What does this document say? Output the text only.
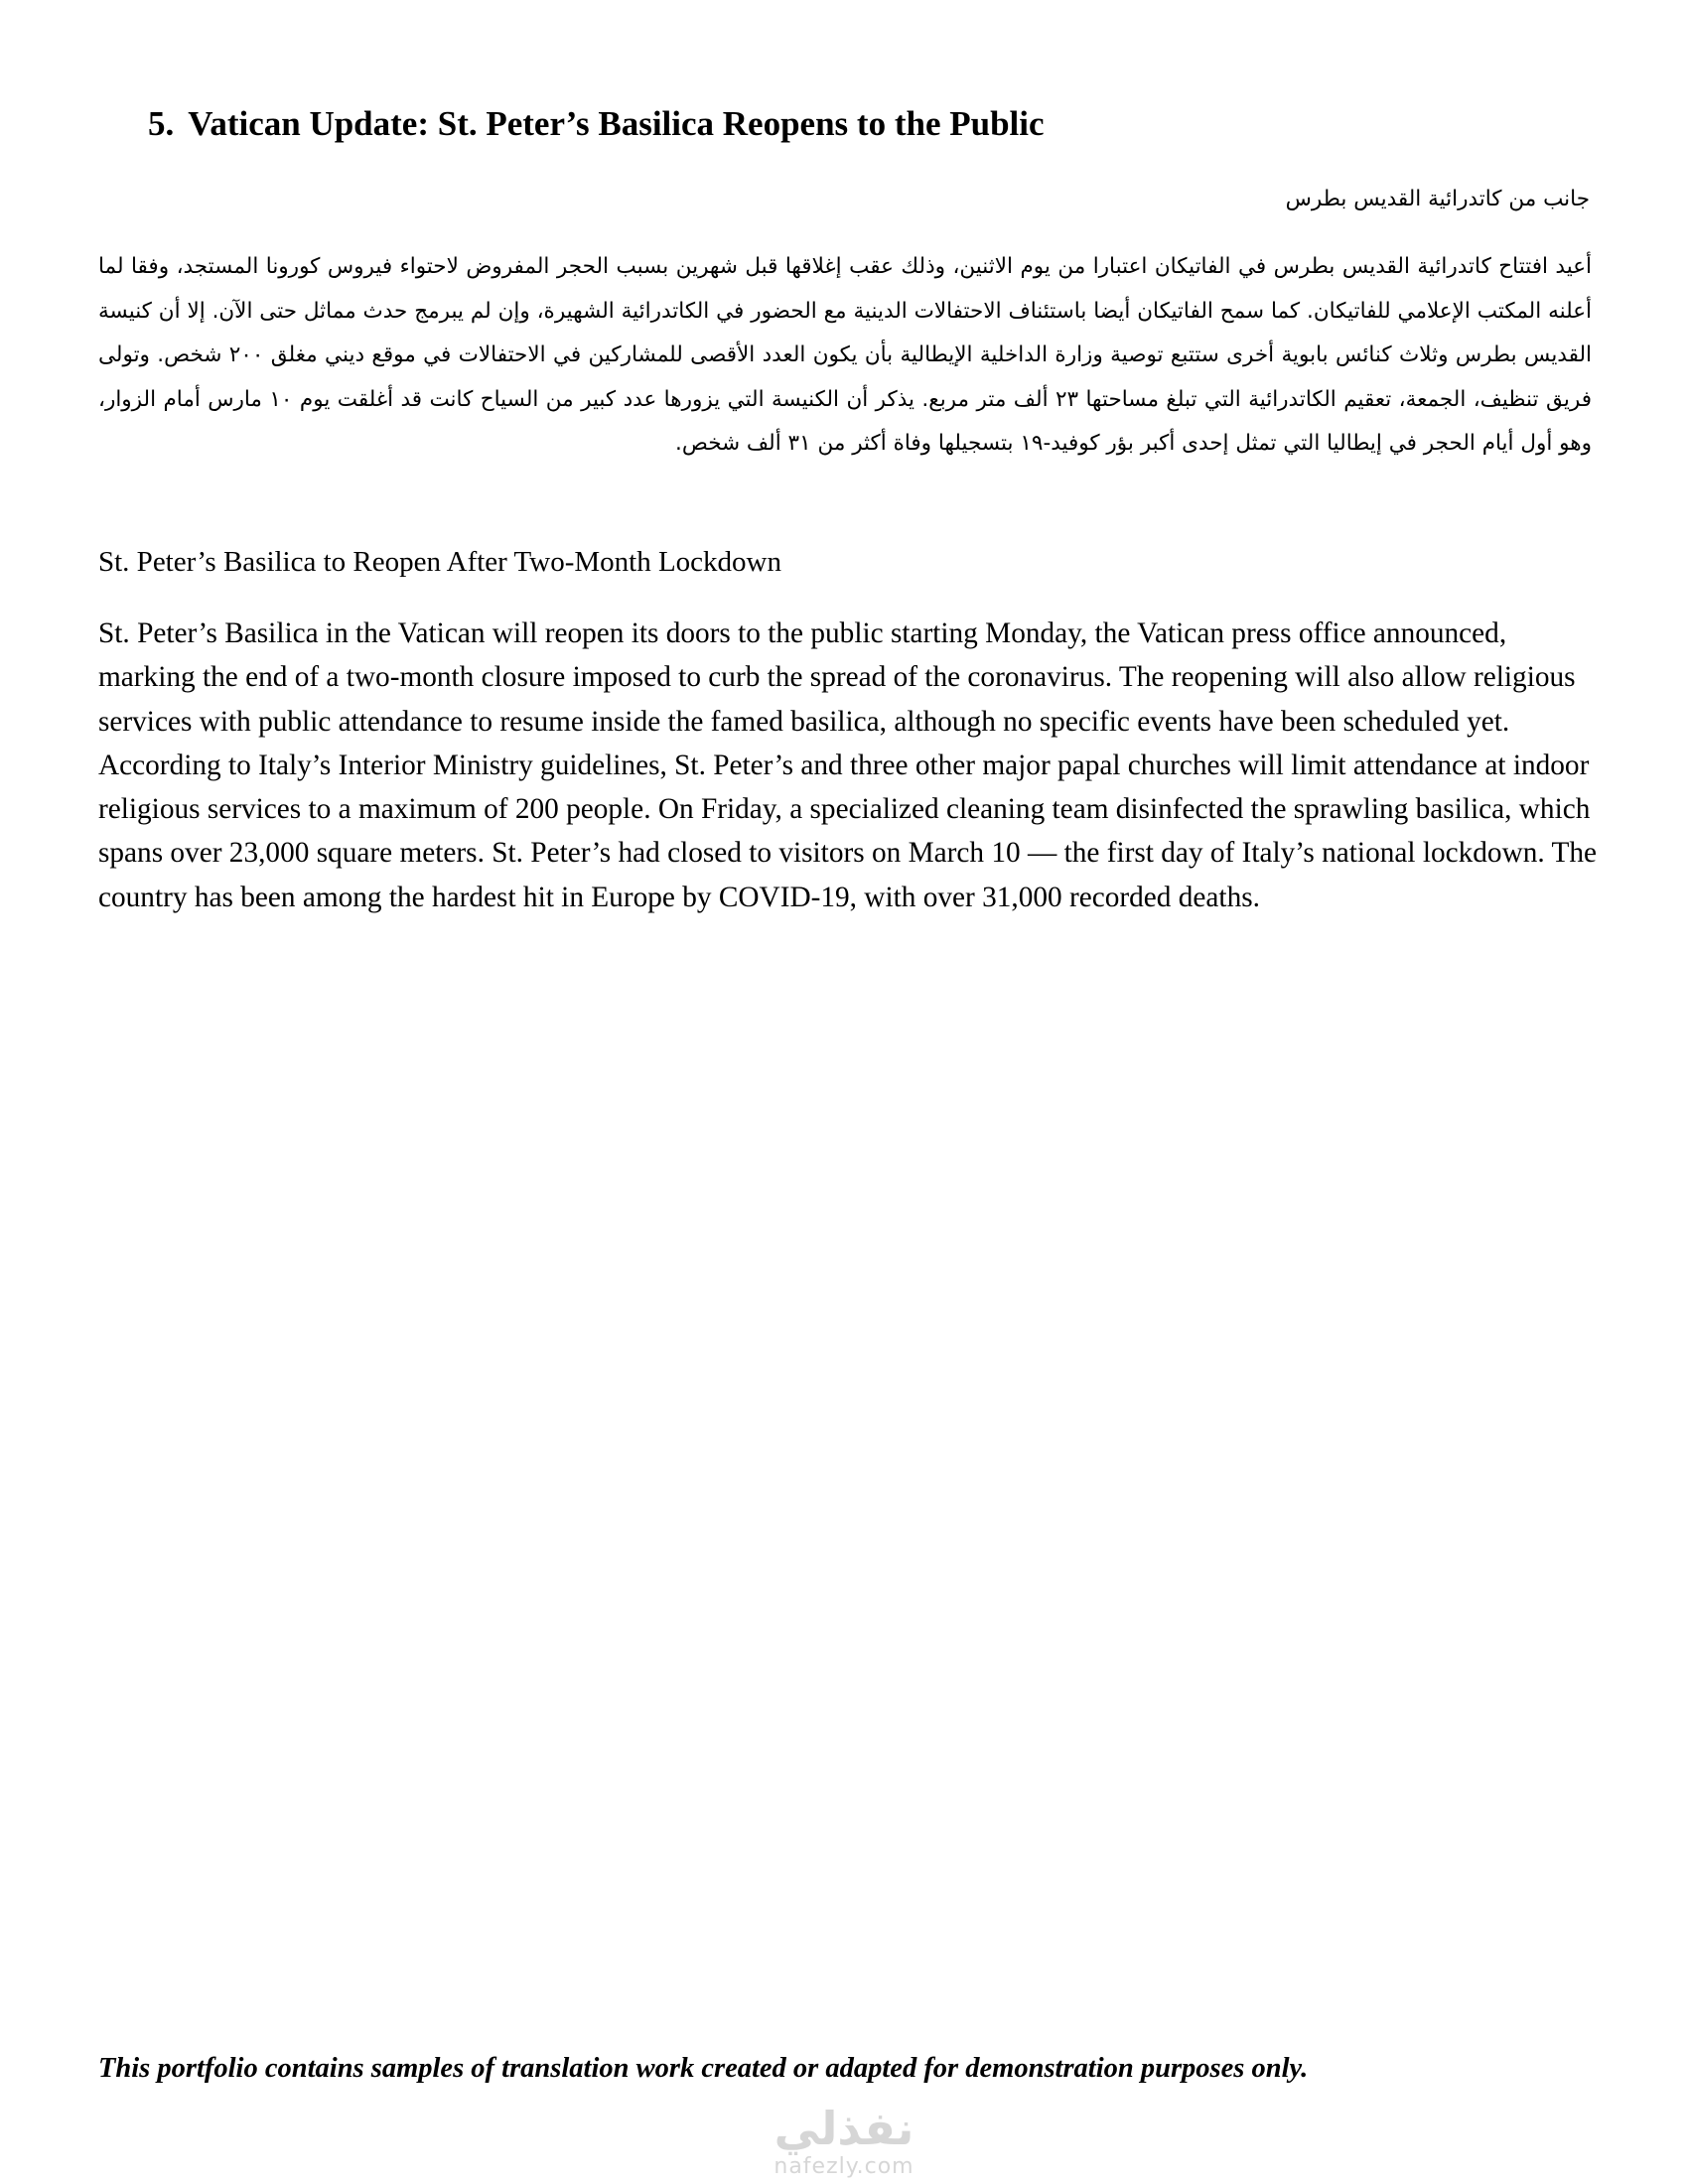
5. Vatican Update: St. Peter’s Basilica Reopens to the Public

جانب من كاتدرائية القديس بطرس

أعيد افتتاح كاتدرائية القديس بطرس في الفاتيكان اعتبارا من يوم الاثنين، وذلك عقب إغلاقها قبل شهرين بسبب الحجر المفروض لاحتواء فيروس كورونا المستجد، وفقا لما أعلنه المكتب الإعلامي للفاتيكان. كما سمح الفاتيكان أيضا باستئناف الاحتفالات الدينية مع الحضور في الكاتدرائية الشهيرة، وإن لم يبرمج حدث مماثل حتى الآن. إلا أن كنيسة القديس بطرس وثلاث كنائس بابوية أخرى ستتبع توصية وزارة الداخلية الإيطالية بأن يكون العدد الأقصى للمشاركين في الاحتفالات في موقع ديني مغلق ٢٠٠ شخص. وتولى فريق تنظيف، الجمعة، تعقيم الكاتدرائية التي تبلغ مساحتها ٢٣ ألف متر مربع. يذكر أن الكنيسة التي يزورها عدد كبير من السياح كانت قد أغلقت يوم ١٠ مارس أمام الزوار، وهو أول أيام الحجر في إيطاليا التي تمثل إحدى أكبر بؤر كوفيد-١٩ بتسجيلها وفاة أكثر من ٣١ ألف شخص.

St. Peter’s Basilica to Reopen After Two-Month Lockdown

St. Peter’s Basilica in the Vatican will reopen its doors to the public starting Monday, the Vatican press office announced, marking the end of a two-month closure imposed to curb the spread of the coronavirus. The reopening will also allow religious services with public attendance to resume inside the famed basilica, although no specific events have been scheduled yet. According to Italy’s Interior Ministry guidelines, St. Peter’s and three other major papal churches will limit attendance at indoor religious services to a maximum of 200 people. On Friday, a specialized cleaning team disinfected the sprawling basilica, which spans over 23,000 square meters. St. Peter’s had closed to visitors on March 10 — the first day of Italy’s national lockdown. The country has been among the hardest hit in Europe by COVID-19, with over 31,000 recorded deaths.

This portfolio contains samples of translation work created or adapted for demonstration purposes only.

نفذلي
nafezly.com
